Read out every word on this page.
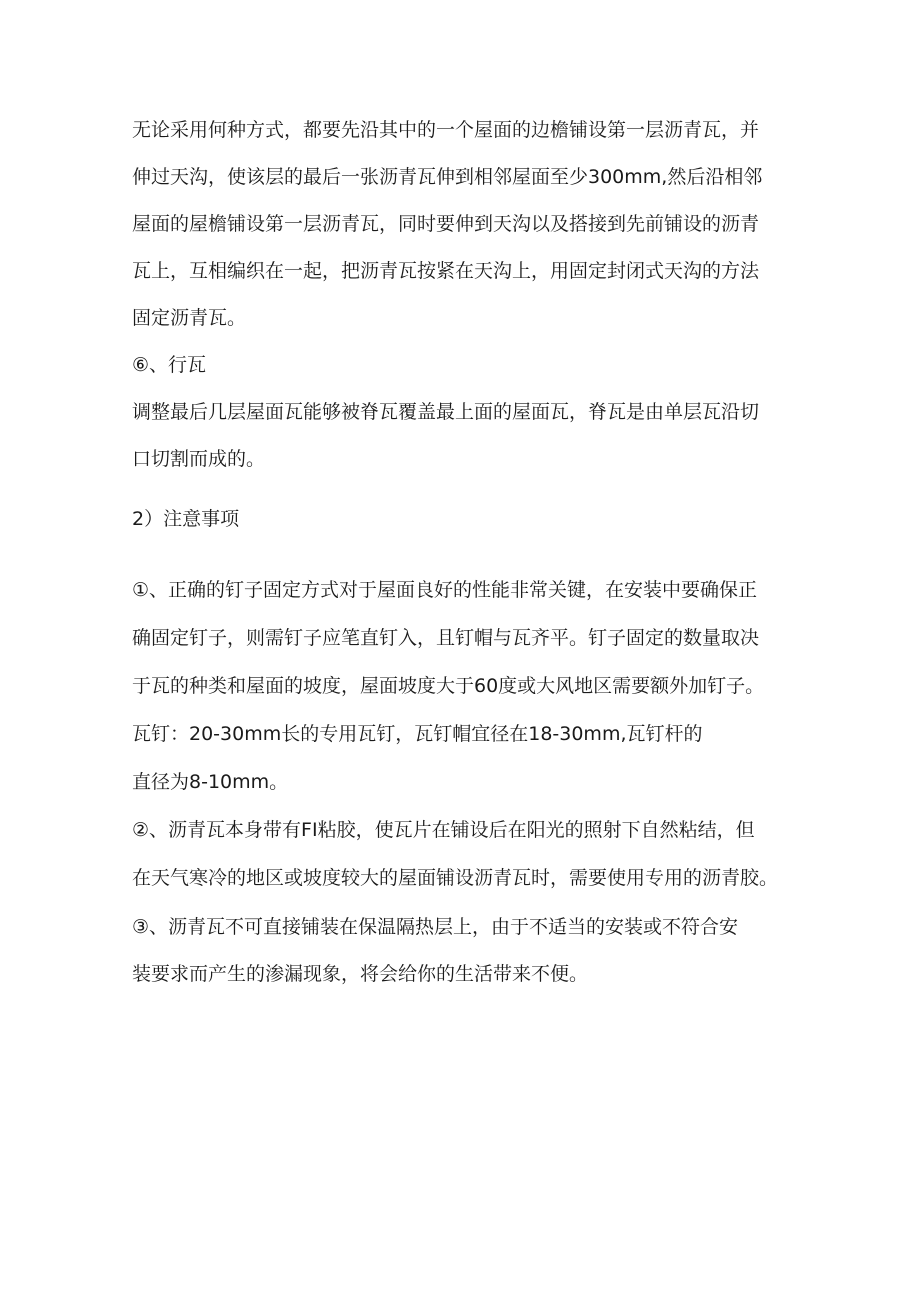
无论采用何种方式，都要先沿其中的一个屋面的边檐铺设第一层沥青瓦，并
伸过天沟，使该层的最后一张沥青瓦伸到相邻屋面至少300mm,然后沿相邻
屋面的屋檐铺设第一层沥青瓦，同时要伸到天沟以及搭接到先前铺设的沥青
瓦上，互相编织在一起，把沥青瓦按紧在天沟上，用固定封闭式天沟的方法
固定沥青瓦。
⑥、行瓦
调整最后几层屋面瓦能够被脊瓦覆盖最上面的屋面瓦，脊瓦是由单层瓦沿切
口切割而成的。
2）注意事项
①、正确的钉子固定方式对于屋面良好的性能非常关键，在安装中要确保正
确固定钉子，则需钉子应笔直钉入，且钉帽与瓦齐平。钉子固定的数量取决
于瓦的种类和屋面的坡度，屋面坡度大于60度或大风地区需要额外加钉子。
瓦钉：20-30mm长的专用瓦钉，瓦钉帽宜径在18-30mm,瓦钉杆的
直径为8-10mm。
②、沥青瓦本身带有FI粘胶，使瓦片在铺设后在阳光的照射下自然粘结，但
在天气寒冷的地区或坡度较大的屋面铺设沥青瓦时，需要使用专用的沥青胶。
③、沥青瓦不可直接铺装在保温隔热层上，由于不适当的安装或不符合安
装要求而产生的渗漏现象，将会给你的生活带来不便。
